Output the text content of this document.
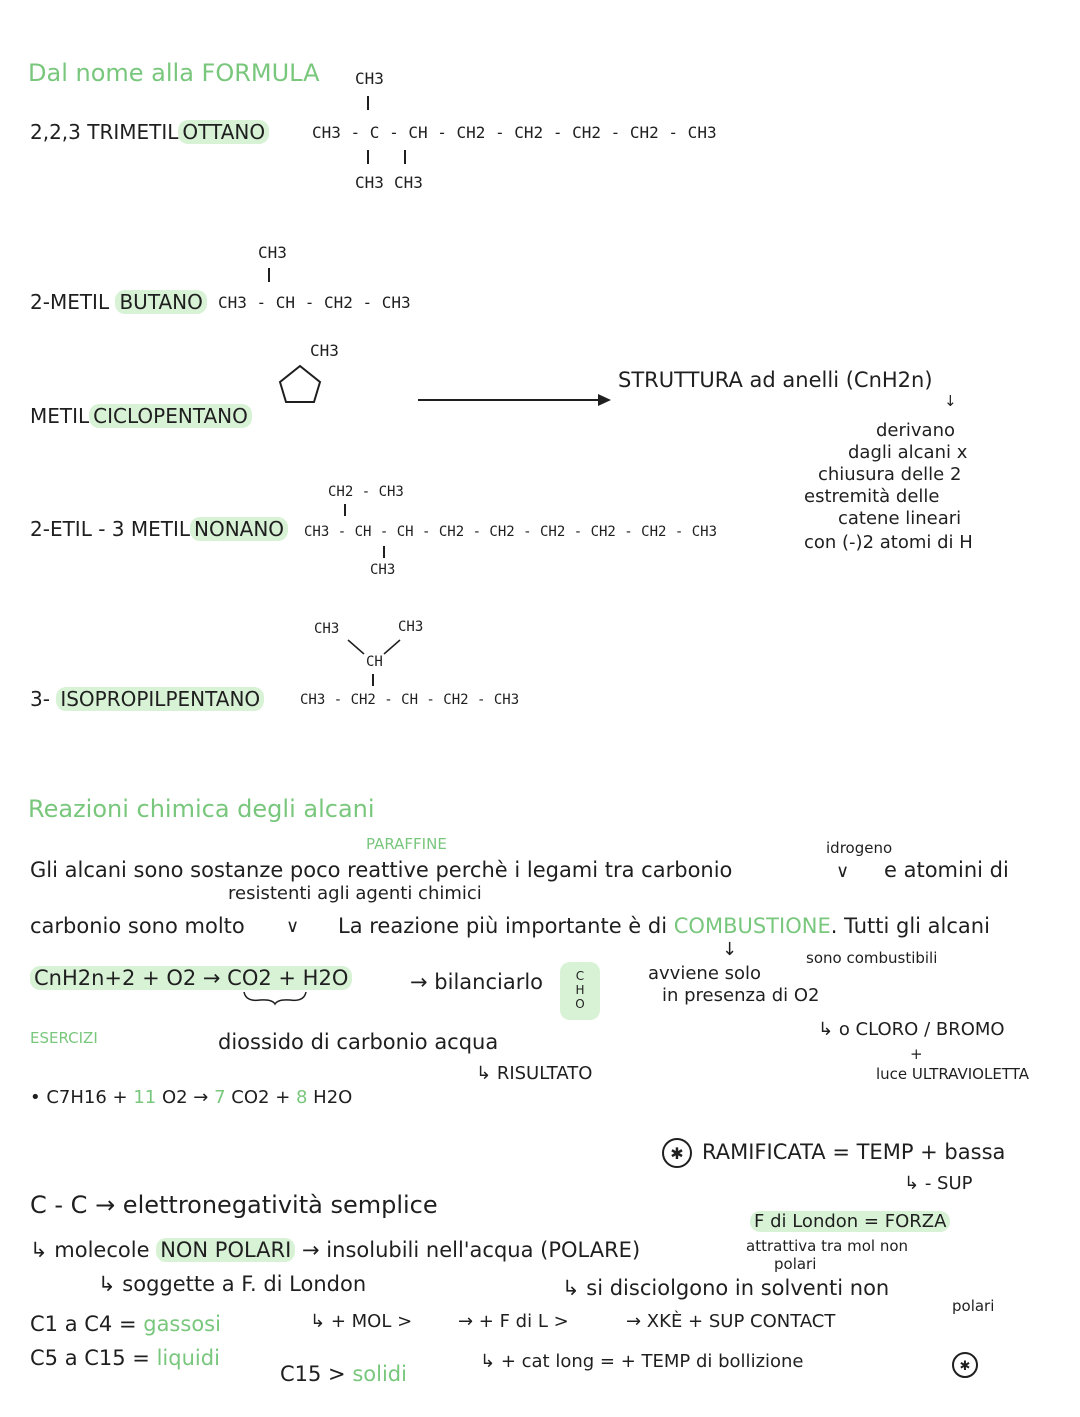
Dal nome alla FORMULA
2,2,3 TRIMETIL OTTANO
CH3
CH3 - C - CH - CH2 - CH2 - CH2 - CH2 - CH3
CH3 CH3
CH3
2-METIL BUTANO CH3 - CH - CH2 - CH3
CH3
METIL CICLOPENTANO
STRUTTURA ad anelli (CnH2n)
↓
derivano
dagli alcani x
chiusura delle 2
estremità delle
catene lineari
con (-)2 atomi di H
CH2 - CH3
2-ETIL - 3 METIL NONANO CH3 - CH - CH - CH2 - CH2 - CH2 - CH2 - CH2 - CH3
CH3
CH3	CH3
CH
3- ISOPROPILPENTANO	CH3 - CH2 - CH - CH2 - CH3
Reazioni chimica degli alcani
PARAFFINE	idrogeno
Gli alcani sono sostanze poco reattive perchè i legami tra carbonio	∨ e atomini di
resistenti agli agenti chimici
carbonio sono molto ∨ La reazione più importante è di COMBUSTIONE. Tutti gli alcani
↓	sono combustibili
CnH2n+2 + O2 → CO2 + H2O	→ bilanciarlo	C
H
O
avviene solo
in presenza di O2
ESERCIZI	diossido di carbonio acqua
↳ o CLORO / BROMO
+
luce ULTRAVIOLETTA
↳ RISULTATO
• C7H16 + 11 O2 → 7 CO2 + 8 H2O
✱ RAMIFICATA = TEMP + bassa
↳ - SUP
C - C → elettronegatività semplice
F di London = FORZA
attrattiva tra mol non
polari
↳ molecole NON POLARI → insolubili nell'acqua (POLARE)
↳ soggette a F. di London	↳ si disciolgono in solventi non
polari
C1 a C4 = gassosi
C5 a C15 = liquidi
C15 > solidi
↳ + MOL >	→ + F di L >	→ XKÈ + SUP CONTACT
↳ + cat long = + TEMP di bollizione	✱
